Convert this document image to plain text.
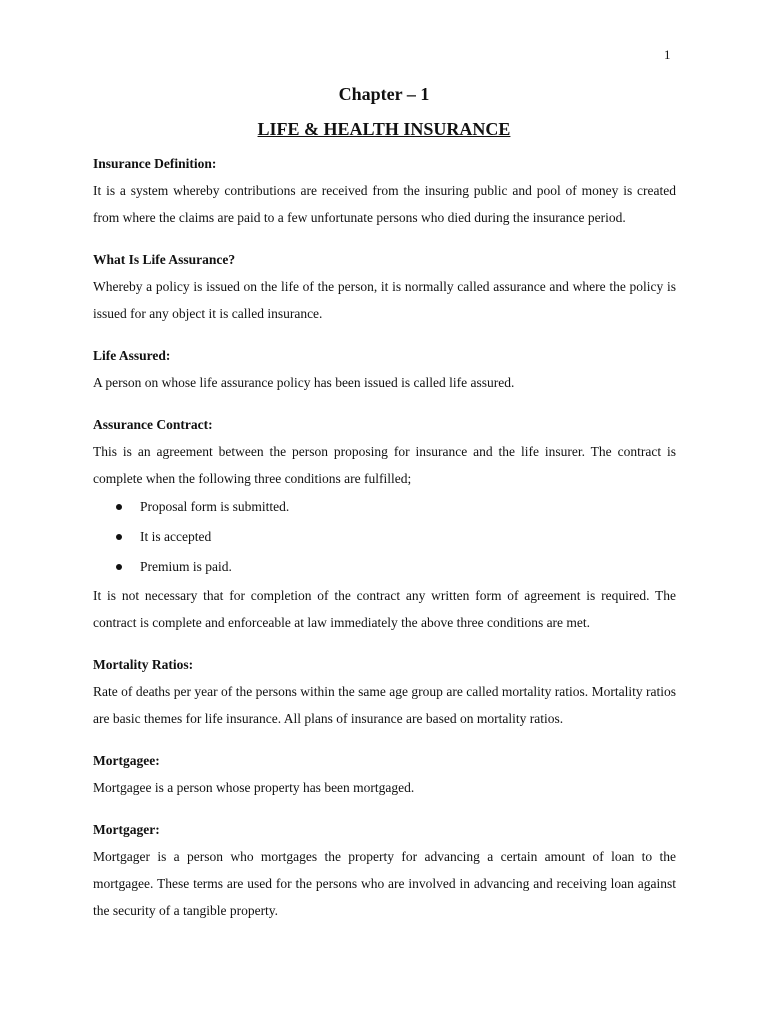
1
Chapter – 1
LIFE & HEALTH INSURANCE
Insurance Definition:

It is a system whereby contributions are received from the insuring public and pool of money is created from where the claims are paid to a few unfortunate persons who died during the insurance period.

What Is Life Assurance?

Whereby a policy is issued on the life of the person, it is normally called assurance and where the policy is issued for any object it is called insurance.

Life Assured:

A person on whose life assurance policy has been issued is called life assured.

Assurance Contract:

This is an agreement between the person proposing for insurance and the life insurer. The contract is complete when the following three conditions are fulfilled;

Proposal form is submitted.
It is accepted
Premium is paid.

It is not necessary that for completion of the contract any written form of agreement is required. The contract is complete and enforceable at law immediately the above three conditions are met.

Mortality Ratios:

Rate of deaths per year of the persons within the same age group are called mortality ratios. Mortality ratios are basic themes for life insurance. All plans of insurance are based on mortality ratios.

Mortgagee:

Mortgagee is a person whose property has been mortgaged.

Mortgager:

Mortgager is a person who mortgages the property for advancing a certain amount of loan to the mortgagee. These terms are used for the persons who are involved in advancing and receiving loan against the security of a tangible property.
